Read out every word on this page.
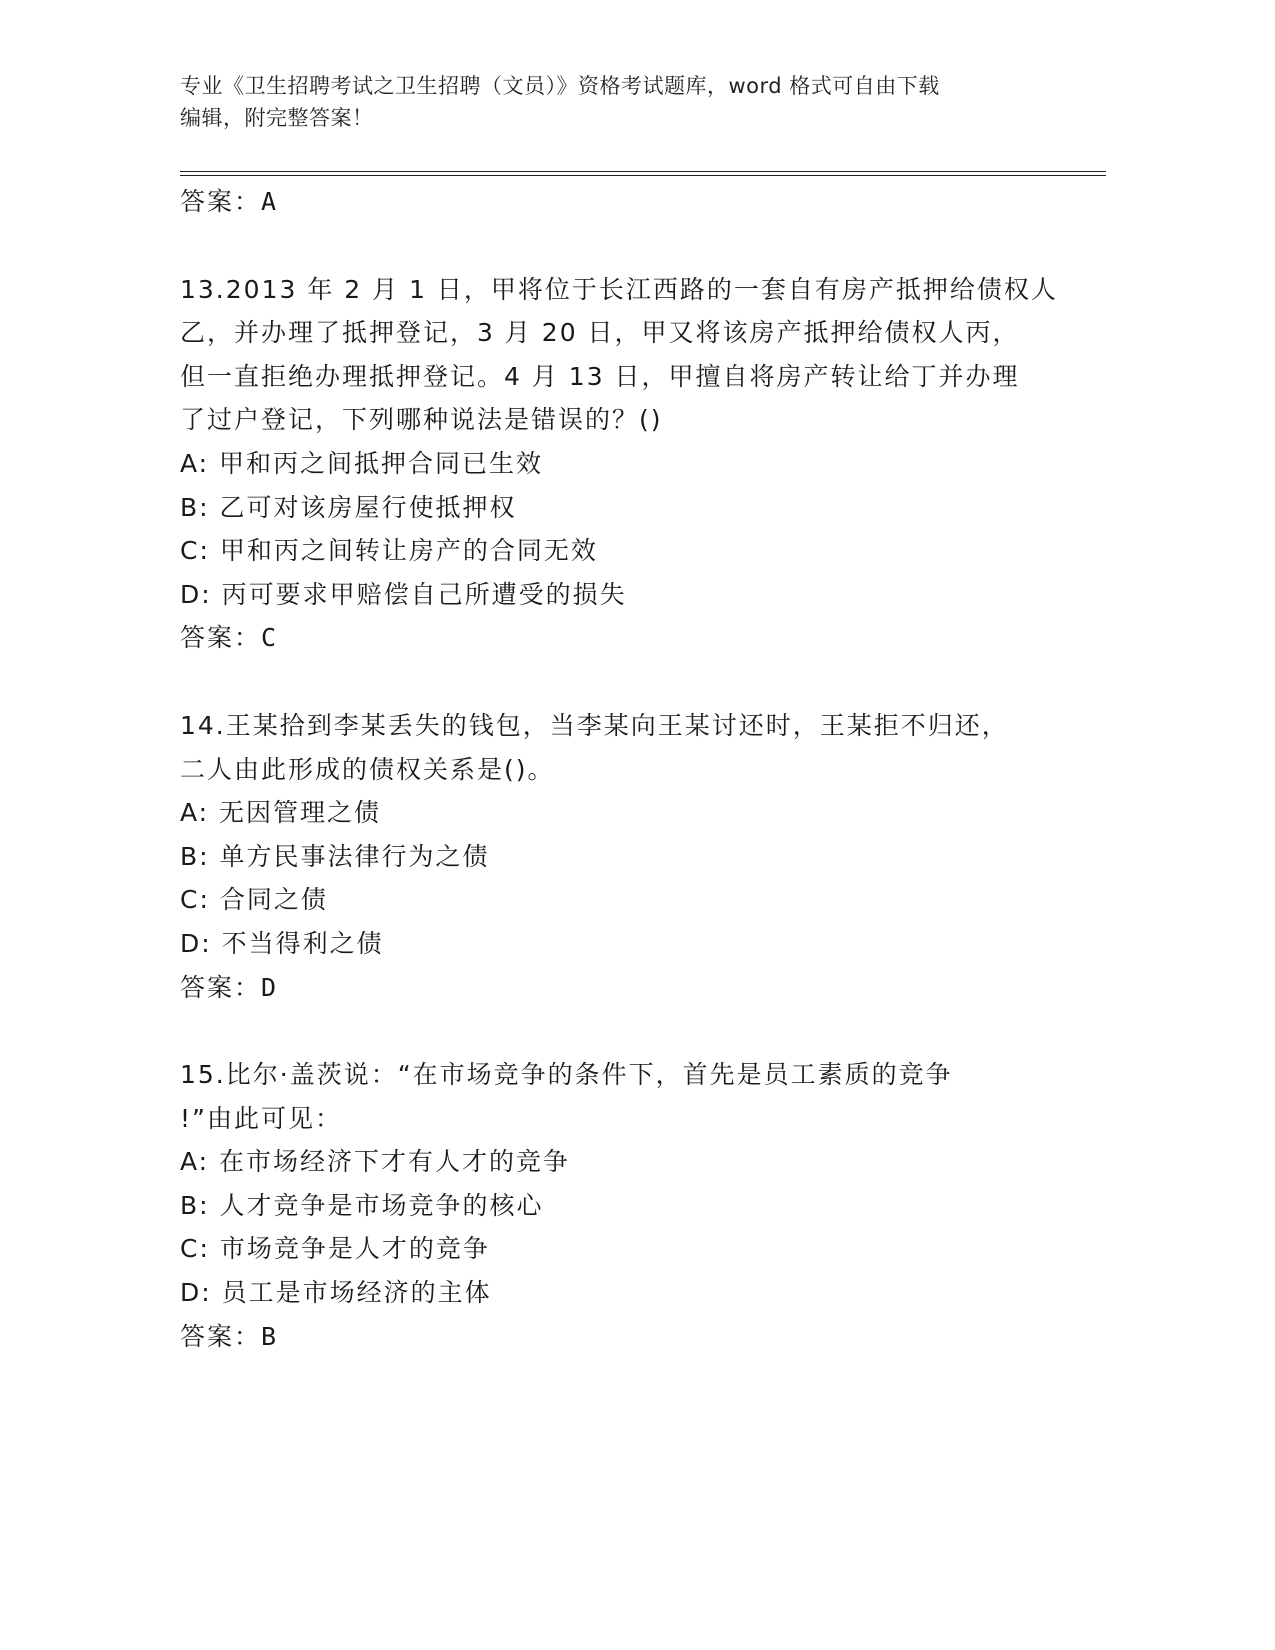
专业《卫生招聘考试之卫生招聘（文员）》资格考试题库，word 格式可自由下载
编辑，附完整答案！
答案：A
13.2013 年 2 月 1 日，甲将位于长江西路的一套自有房产抵押给债权人
乙，并办理了抵押登记，3 月 20 日，甲又将该房产抵押给债权人丙，
但一直拒绝办理抵押登记。4 月 13 日，甲擅自将房产转让给丁并办理
了过户登记，下列哪种说法是错误的？()
A: 甲和丙之间抵押合同已生效
B: 乙可对该房屋行使抵押权
C: 甲和丙之间转让房产的合同无效
D: 丙可要求甲赔偿自己所遭受的损失
答案：C
14.王某拾到李某丢失的钱包，当李某向王某讨还时，王某拒不归还，
二人由此形成的债权关系是()。
A: 无因管理之债
B: 单方民事法律行为之债
C: 合同之债
D: 不当得利之债
答案：D
15.比尔·盖茨说：“在市场竞争的条件下，首先是员工素质的竞争
!”由此可见：
A: 在市场经济下才有人才的竞争
B: 人才竞争是市场竞争的核心
C: 市场竞争是人才的竞争
D: 员工是市场经济的主体
答案：B
